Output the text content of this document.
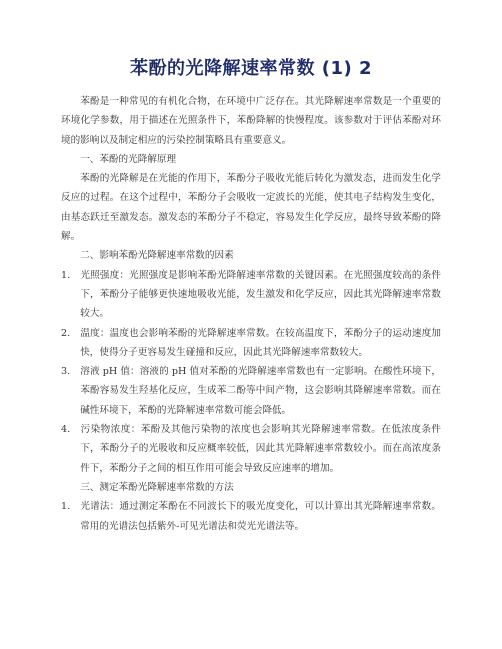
苯酚的光降解速率常数 (1) 2

苯酚是一种常见的有机化合物，在环境中广泛存在。其光降解速率常数是一个重要的环境化学参数，用于描述在光照条件下，苯酚降解的快慢程度。该参数对于评估苯酚对环境的影响以及制定相应的污染控制策略具有重要意义。

一、苯酚的光降解原理

苯酚的光降解是在光能的作用下，苯酚分子吸收光能后转化为激发态，进而发生化学反应的过程。在这个过程中，苯酚分子会吸收一定波长的光能，使其电子结构发生变化，由基态跃迁至激发态。激发态的苯酚分子不稳定，容易发生化学反应，最终导致苯酚的降解。

二、影响苯酚光降解速率常数的因素

1. 光照强度：光照强度是影响苯酚光降解速率常数的关键因素。在光照强度较高的条件下，苯酚分子能够更快速地吸收光能，发生激发和化学反应，因此其光降解速率常数较大。

2. 温度：温度也会影响苯酚的光降解速率常数。在较高温度下，苯酚分子的运动速度加快，使得分子更容易发生碰撞和反应，因此其光降解速率常数较大。

3. 溶液 pH 值：溶液的 pH 值对苯酚的光降解速率常数也有一定影响。在酸性环境下，苯酚容易发生羟基化反应，生成苯二酚等中间产物，这会影响其降解速率常数。而在碱性环境下，苯酚的光降解速率常数可能会降低。

4. 污染物浓度：苯酚及其他污染物的浓度也会影响其光降解速率常数。在低浓度条件下，苯酚分子的光吸收和反应概率较低，因此其光降解速率常数较小。而在高浓度条件下，苯酚分子之间的相互作用可能会导致反应速率的增加。

三、测定苯酚光降解速率常数的方法

1. 光谱法：通过测定苯酚在不同波长下的吸光度变化，可以计算出其光降解速率常数。常用的光谱法包括紫外-可见光谱法和荧光光谱法等。
